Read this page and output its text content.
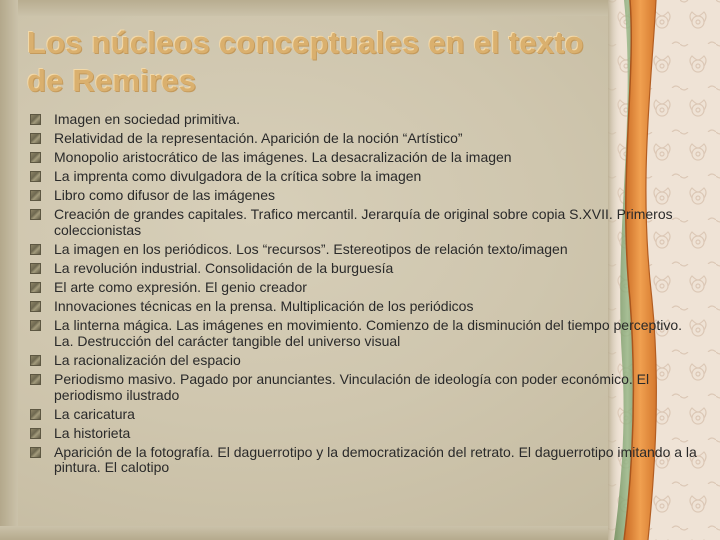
Los núcleos conceptuales en el texto de Remires
Imagen en sociedad primitiva.
Relatividad de la representación. Aparición de la noción “Artístico”
Monopolio aristocrático de las imágenes. La desacralización de la imagen
La imprenta como divulgadora de la crítica sobre la imagen
Libro como difusor de las imágenes
Creación de grandes capitales. Trafico mercantil. Jerarquía de original sobre copia S.XVII. Primeros coleccionistas
La imagen en los periódicos. Los “recursos”. Estereotipos de relación texto/imagen
La revolución industrial. Consolidación de la burguesía
El arte como expresión. El genio creador
Innovaciones técnicas en la prensa. Multiplicación de los periódicos
La linterna mágica. Las imágenes en movimiento. Comienzo de la disminución del tiempo perceptivo. La. Destrucción del carácter tangible del universo visual
La racionalización del espacio
Periodismo masivo. Pagado por anunciantes. Vinculación de ideología con poder económico. El periodismo ilustrado
La caricatura
La historieta
Aparición de la fotografía. El daguerrotipo y la democratización del retrato. El daguerrotipo imitando a la pintura. El calotipo
